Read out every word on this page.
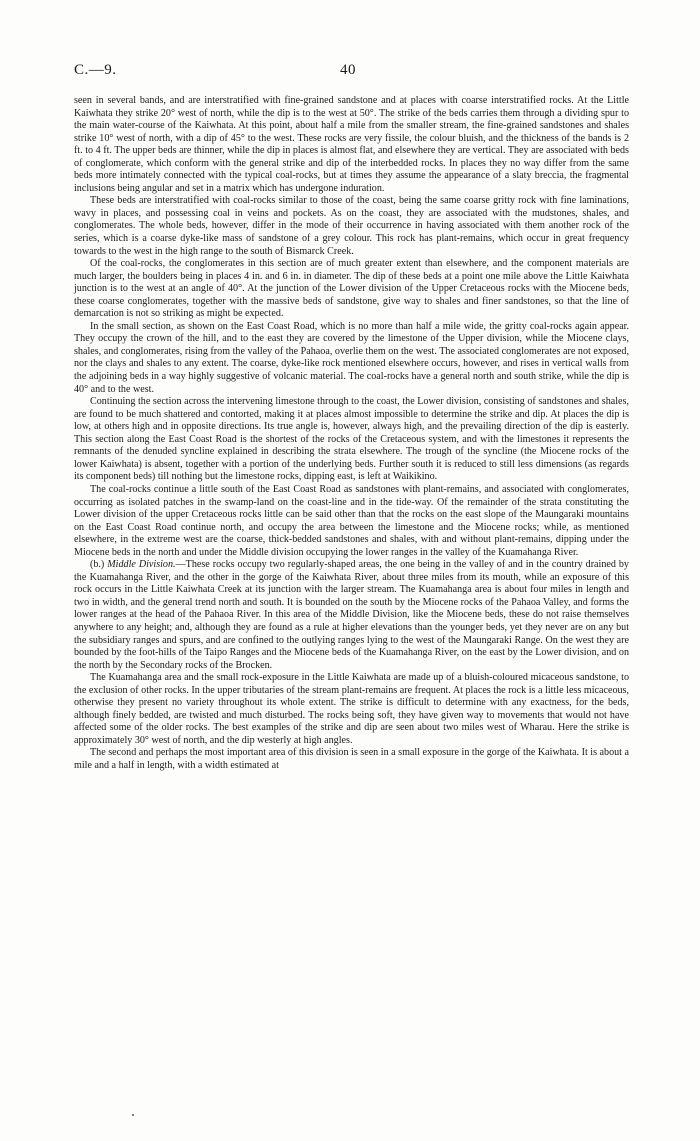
C.—9.	40

seen in several bands, and are interstratified with fine-grained sandstone and at places with coarse interstratified rocks. At the Little Kaiwhata they strike 20° west of north, while the dip is to the west at 50°. The strike of the beds carries them through a dividing spur to the main water-course of the Kaiwhata. At this point, about half a mile from the smaller stream, the fine-grained sandstones and shales strike 10° west of north, with a dip of 45° to the west. These rocks are very fissile, the colour bluish, and the thickness of the bands is 2 ft. to 4 ft. The upper beds are thinner, while the dip in places is almost flat, and elsewhere they are vertical. They are associated with beds of conglomerate, which conform with the general strike and dip of the interbedded rocks. In places they no way differ from the same beds more intimately connected with the typical coal-rocks, but at times they assume the appearance of a slaty breccia, the fragmental inclusions being angular and set in a matrix which has undergone induration.

These beds are interstratified with coal-rocks similar to those of the coast, being the same coarse gritty rock with fine laminations, wavy in places, and possessing coal in veins and pockets. As on the coast, they are associated with the mudstones, shales, and conglomerates. The whole beds, however, differ in the mode of their occurrence in having associated with them another rock of the series, which is a coarse dyke-like mass of sandstone of a grey colour. This rock has plant-remains, which occur in great frequency towards to the west in the high range to the south of Bismarck Creek.

Of the coal-rocks, the conglomerates in this section are of much greater extent than elsewhere, and the component materials are much larger, the boulders being in places 4 in. and 6 in. in diameter. The dip of these beds at a point one mile above the Little Kaiwhata junction is to the west at an angle of 40°. At the junction of the Lower division of the Upper Cretaceous rocks with the Miocene beds, these coarse conglomerates, together with the massive beds of sandstone, give way to shales and finer sandstones, so that the line of demarcation is not so striking as might be expected.

In the small section, as shown on the East Coast Road, which is no more than half a mile wide, the gritty coal-rocks again appear. They occupy the crown of the hill, and to the east they are covered by the limestone of the Upper division, while the Miocene clays, shales, and conglomerates, rising from the valley of the Pahaoa, overlie them on the west. The associated conglomerates are not exposed, nor the clays and shales to any extent. The coarse, dyke-like rock mentioned elsewhere occurs, however, and rises in vertical walls from the adjoining beds in a way highly suggestive of volcanic material. The coal-rocks have a general north and south strike, while the dip is 40° and to the west.

Continuing the section across the intervening limestone through to the coast, the Lower division, consisting of sandstones and shales, are found to be much shattered and contorted, making it at places almost impossible to determine the strike and dip. At places the dip is low, at others high and in opposite directions. Its true angle is, however, always high, and the prevailing direction of the dip is easterly. This section along the East Coast Road is the shortest of the rocks of the Cretaceous system, and with the limestones it represents the remnants of the denuded syncline explained in describing the strata elsewhere. The trough of the syncline (the Miocene rocks of the lower Kaiwhata) is absent, together with a portion of the underlying beds. Further south it is reduced to still less dimensions (as regards its component beds) till nothing but the limestone rocks, dipping east, is left at Waikikino.

The coal-rocks continue a little south of the East Coast Road as sandstones with plant-remains, and associated with conglomerates, occurring as isolated patches in the swamp-land on the coast-line and in the tide-way. Of the remainder of the strata constituting the Lower division of the upper Cretaceous rocks little can be said other than that the rocks on the east slope of the Maungaraki mountains on the East Coast Road continue north, and occupy the area between the limestone and the Miocene rocks; while, as mentioned elsewhere, in the extreme west are the coarse, thick-bedded sandstones and shales, with and without plant-remains, dipping under the Miocene beds in the north and under the Middle division occupying the lower ranges in the valley of the Kuamahanga River.

(b.) Middle Division.—These rocks occupy two regularly-shaped areas, the one being in the valley of and in the country drained by the Kuamahanga River, and the other in the gorge of the Kaiwhata River, about three miles from its mouth, while an exposure of this rock occurs in the Little Kaiwhata Creek at its junction with the larger stream. The Kuamahanga area is about four miles in length and two in width, and the general trend north and south. It is bounded on the south by the Miocene rocks of the Pahaoa Valley, and forms the lower ranges at the head of the Pahaoa River. In this area of the Middle Division, like the Miocene beds, these do not raise themselves anywhere to any height; and, although they are found as a rule at higher elevations than the younger beds, yet they never are on any but the subsidiary ranges and spurs, and are confined to the outlying ranges lying to the west of the Maungaraki Range. On the west they are bounded by the foot-hills of the Taipo Ranges and the Miocene beds of the Kuamahanga River, on the east by the Lower division, and on the north by the Secondary rocks of the Brocken.

The Kuamahanga area and the small rock-exposure in the Little Kaiwhata are made up of a bluish-coloured micaceous sandstone, to the exclusion of other rocks. In the upper tributaries of the stream plant-remains are frequent. At places the rock is a little less micaceous, otherwise they present no variety throughout its whole extent. The strike is difficult to determine with any exactness, for the beds, although finely bedded, are twisted and much disturbed. The rocks being soft, they have given way to movements that would not have affected some of the older rocks. The best examples of the strike and dip are seen about two miles west of Wharau. Here the strike is approximately 30° west of north, and the dip westerly at high angles.

The second and perhaps the most important area of this division is seen in a small exposure in the gorge of the Kaiwhata. It is about a mile and a half in length, with a width estimated at
